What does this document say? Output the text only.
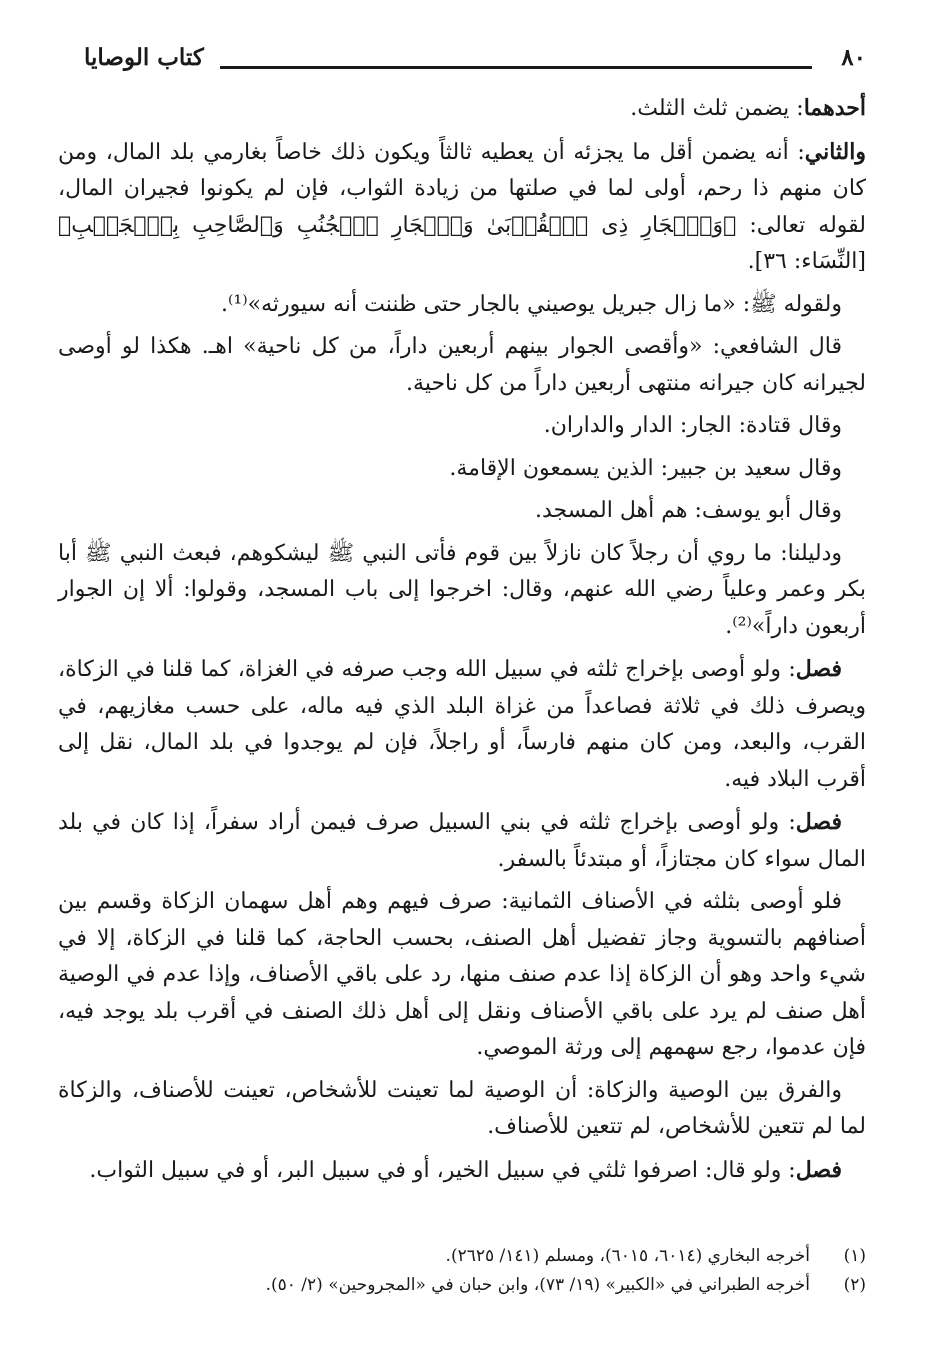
٨٠
كتاب الوصايا

أحدهما: يضمن ثلث الثلث.

والثاني: أنه يضمن أقل ما يجزئه أن يعطيه ثالثاً ويكون ذلك خاصاً بغارمي بلد المال، ومن كان منهم ذا رحم، أولى لما في صلتها من زيادة الثواب، فإن لم يكونوا فجيران المال، لقوله تعالى: ﴿وَٱلۡجَارِ ذِى ٱلۡقُرۡبَىٰ وَٱلۡجَارِ ٱلۡجُنُبِ وَٱلصَّاحِبِ بِٱلۡجَنۢبِ﴾ [النِّسَاء: ٣٦].

ولقوله ﷺ: «ما زال جبريل يوصيني بالجار حتى ظننت أنه سيورثه»⁽¹⁾.

قال الشافعي: «وأقصى الجوار بينهم أربعين داراً، من كل ناحية» اهـ. هكذا لو أوصى لجيرانه كان جيرانه منتهى أربعين داراً من كل ناحية.

وقال قتادة: الجار: الدار والداران.

وقال سعيد بن جبير: الذين يسمعون الإقامة.

وقال أبو يوسف: هم أهل المسجد.

ودليلنا: ما روي أن رجلاً كان نازلاً بين قوم فأتى النبي ﷺ ليشكوهم، فبعث النبي ﷺ أبا بكر وعمر وعلياً رضي الله عنهم، وقال: اخرجوا إلى باب المسجد، وقولوا: ألا إن الجوار أربعون داراً»⁽²⁾.

فصل: ولو أوصى بإخراج ثلثه في سبيل الله وجب صرفه في الغزاة، كما قلنا في الزكاة، ويصرف ذلك في ثلاثة فصاعداً من غزاة البلد الذي فيه ماله، على حسب مغازيهم، في القرب، والبعد، ومن كان منهم فارساً، أو راجلاً، فإن لم يوجدوا في بلد المال، نقل إلى أقرب البلاد فيه.

فصل: ولو أوصى بإخراج ثلثه في بني السبيل صرف فيمن أراد سفراً، إذا كان في بلد المال سواء كان مجتازاً، أو مبتدئاً بالسفر.

فلو أوصى بثلثه في الأصناف الثمانية: صرف فيهم وهم أهل سهمان الزكاة وقسم بين أصنافهم بالتسوية وجاز تفضيل أهل الصنف، بحسب الحاجة، كما قلنا في الزكاة، إلا في شيء واحد وهو أن الزكاة إذا عدم صنف منها، رد على باقي الأصناف، وإذا عدم في الوصية أهل صنف لم يرد على باقي الأصناف ونقل إلى أهل ذلك الصنف في أقرب بلد يوجد فيه، فإن عدموا، رجع سهمهم إلى ورثة الموصي.

والفرق بين الوصية والزكاة: أن الوصية لما تعينت للأشخاص، تعينت للأصناف، والزكاة لما لم تتعين للأشخاص، لم تتعين للأصناف.

فصل: ولو قال: اصرفوا ثلثي في سبيل الخير، أو في سبيل البر، أو في سبيل الثواب.

(١)
أخرجه البخاري (٦٠١٤، ٦٠١٥)، ومسلم (١٤١/ ٢٦٢٥).
(٢)
أخرجه الطبراني في «الكبير» (١٩/ ٧٣)، وابن حبان في «المجروحين» (٢/ ٥٠).
